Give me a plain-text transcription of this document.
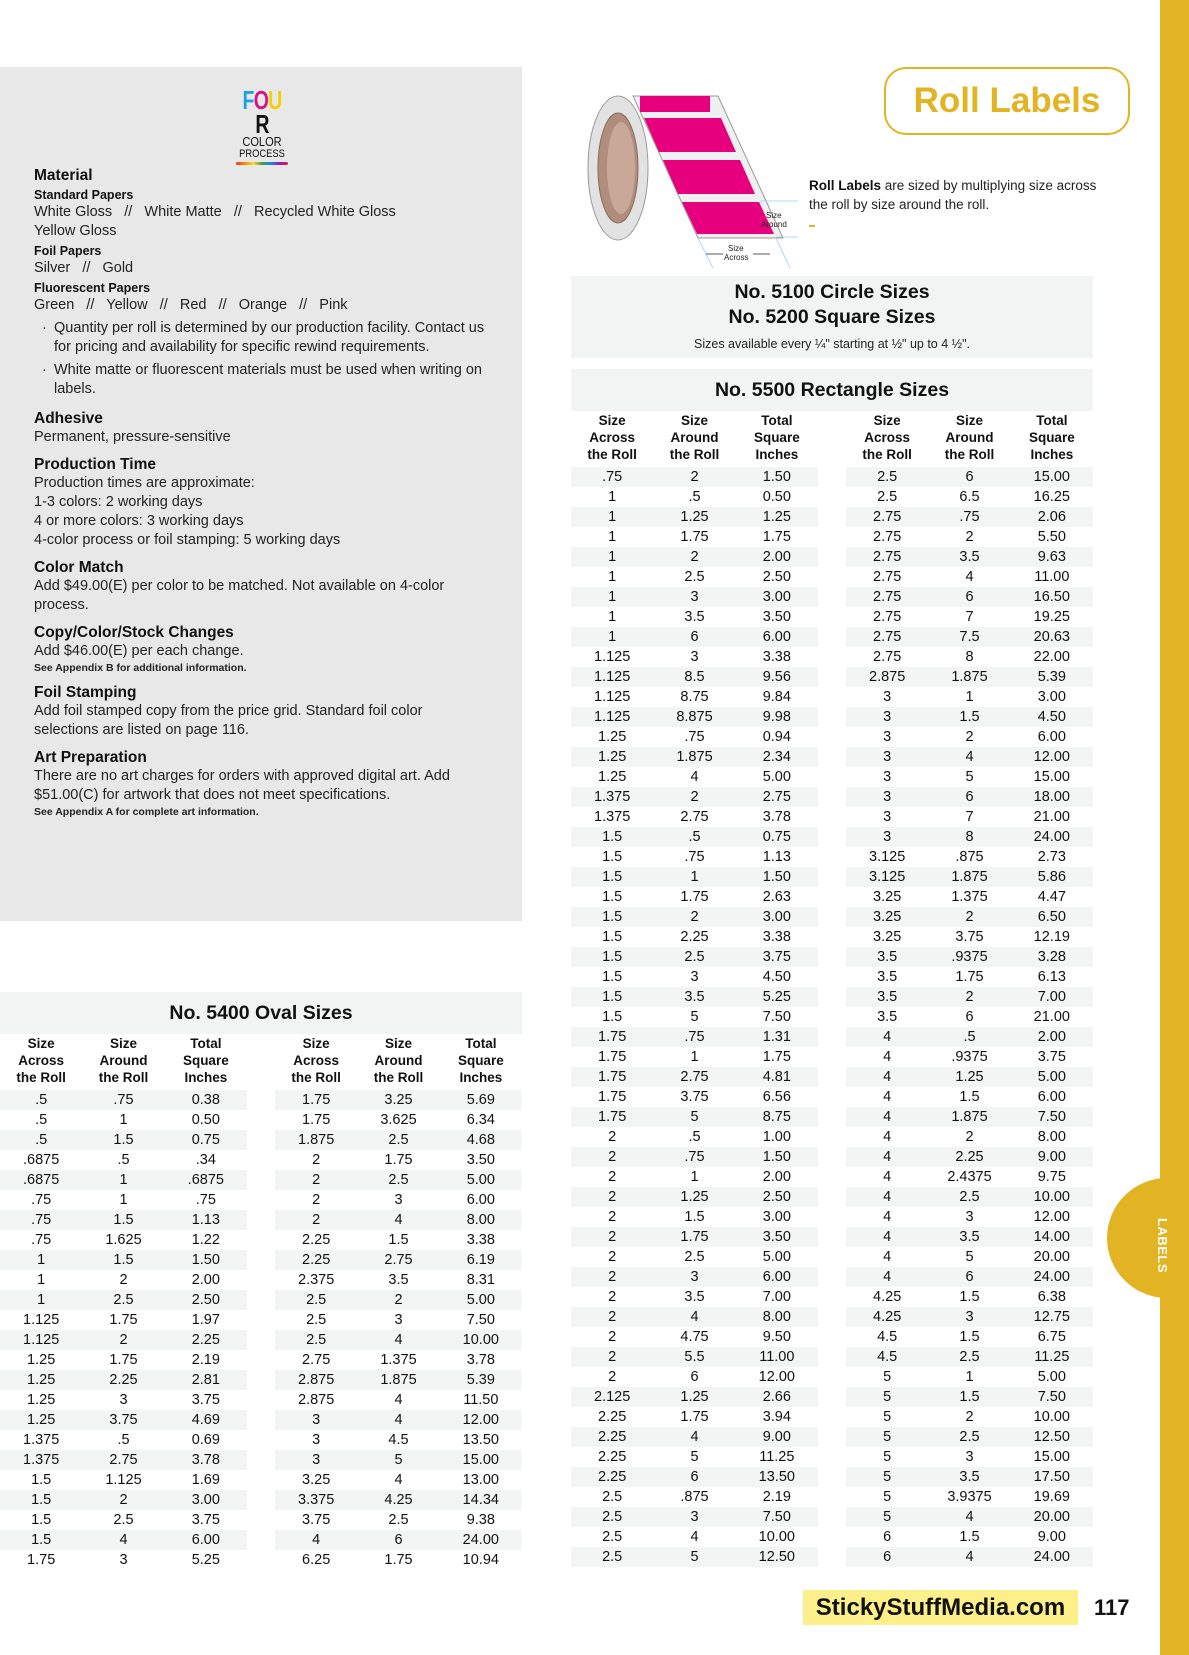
LABELS
FOUR
COLOR
PROCESS
Material
Standard Papers
White Gloss   //   White Matte   //   Recycled White Gloss
Yellow Gloss
Foil Papers
Silver   //   Gold
Fluorescent Papers
Green   //   Yellow   //   Red   //   Orange   //   Pink
· Quantity per roll is determined by our production facility. Contact us for pricing and availability for specific rewind requirements.
· White matte or fluorescent materials must be used when writing on labels.
Adhesive
Permanent, pressure-sensitive
Production Time
Production times are approximate:
1-3 colors: 2 working days
4 or more colors: 3 working days
4-color process or foil stamping: 5 working days
Color Match
Add $49.00(E) per color to be matched. Not available on 4-color process.
Copy/Color/Stock Changes
Add $46.00(E) per each change.
See Appendix B for additional information.
Foil Stamping
Add foil stamped copy from the price grid. Standard foil color selections are listed on page 116.
Art Preparation
There are no art charges for orders with approved digital art. Add $51.00(C) for artwork that does not meet specifications.
See Appendix A for complete art information.
Roll Labels
Size
Around
Size
Across
Roll Labels are sized by multiplying size across the roll by size around the roll.
No. 5100 Circle Sizes
No. 5200 Square Sizes
Sizes available every ¼" starting at ½" up to 4 ½".
No. 5500 Rectangle Sizes
Size
Across
the Roll	Size
Around
the Roll	Total
Square
Inches
.75	2	1.50
1	.5	0.50
1	1.25	1.25
1	1.75	1.75
1	2	2.00
1	2.5	2.50
1	3	3.00
1	3.5	3.50
1	6	6.00
1.125	3	3.38
1.125	8.5	9.56
1.125	8.75	9.84
1.125	8.875	9.98
1.25	.75	0.94
1.25	1.875	2.34
1.25	4	5.00
1.375	2	2.75
1.375	2.75	3.78
1.5	.5	0.75
1.5	.75	1.13
1.5	1	1.50
1.5	1.75	2.63
1.5	2	3.00
1.5	2.25	3.38
1.5	2.5	3.75
1.5	3	4.50
1.5	3.5	5.25
1.5	5	7.50
1.75	.75	1.31
1.75	1	1.75
1.75	2.75	4.81
1.75	3.75	6.56
1.75	5	8.75
2	.5	1.00
2	.75	1.50
2	1	2.00
2	1.25	2.50
2	1.5	3.00
2	1.75	3.50
2	2.5	5.00
2	3	6.00
2	3.5	7.00
2	4	8.00
2	4.75	9.50
2	5.5	11.00
2	6	12.00
2.125	1.25	2.66
2.25	1.75	3.94
2.25	4	9.00
2.25	5	11.25
2.25	6	13.50
2.5	.875	2.19
2.5	3	7.50
2.5	4	10.00
2.5	5	12.50
Size
Across
the Roll	Size
Around
the Roll	Total
Square
Inches
2.5	6	15.00
2.5	6.5	16.25
2.75	.75	2.06
2.75	2	5.50
2.75	3.5	9.63
2.75	4	11.00
2.75	6	16.50
2.75	7	19.25
2.75	7.5	20.63
2.75	8	22.00
2.875	1.875	5.39
3	1	3.00
3	1.5	4.50
3	2	6.00
3	4	12.00
3	5	15.00
3	6	18.00
3	7	21.00
3	8	24.00
3.125	.875	2.73
3.125	1.875	5.86
3.25	1.375	4.47
3.25	2	6.50
3.25	3.75	12.19
3.5	.9375	3.28
3.5	1.75	6.13
3.5	2	7.00
3.5	6	21.00
4	.5	2.00
4	.9375	3.75
4	1.25	5.00
4	1.5	6.00
4	1.875	7.50
4	2	8.00
4	2.25	9.00
4	2.4375	9.75
4	2.5	10.00
4	3	12.00
4	3.5	14.00
4	5	20.00
4	6	24.00
4.25	1.5	6.38
4.25	3	12.75
4.5	1.5	6.75
4.5	2.5	11.25
5	1	5.00
5	1.5	7.50
5	2	10.00
5	2.5	12.50
5	3	15.00
5	3.5	17.50
5	3.9375	19.69
5	4	20.00
6	1.5	9.00
6	4	24.00
No. 5400 Oval Sizes
Size
Across
the Roll	Size
Around
the Roll	Total
Square
Inches
.5	.75	0.38
.5	1	0.50
.5	1.5	0.75
.6875	.5	.34
.6875	1	.6875
.75	1	.75
.75	1.5	1.13
.75	1.625	1.22
1	1.5	1.50
1	2	2.00
1	2.5	2.50
1.125	1.75	1.97
1.125	2	2.25
1.25	1.75	2.19
1.25	2.25	2.81
1.25	3	3.75
1.25	3.75	4.69
1.375	.5	0.69
1.375	2.75	3.78
1.5	1.125	1.69
1.5	2	3.00
1.5	2.5	3.75
1.5	4	6.00
1.75	3	5.25
Size
Across
the Roll	Size
Around
the Roll	Total
Square
Inches
1.75	3.25	5.69
1.75	3.625	6.34
1.875	2.5	4.68
2	1.75	3.50
2	2.5	5.00
2	3	6.00
2	4	8.00
2.25	1.5	3.38
2.25	2.75	6.19
2.375	3.5	8.31
2.5	2	5.00
2.5	3	7.50
2.5	4	10.00
2.75	1.375	3.78
2.875	1.875	5.39
2.875	4	11.50
3	4	12.00
3	4.5	13.50
3	5	15.00
3.25	4	13.00
3.375	4.25	14.34
3.75	2.5	9.38
4	6	24.00
6.25	1.75	10.94
StickyStuffMedia.com	117
